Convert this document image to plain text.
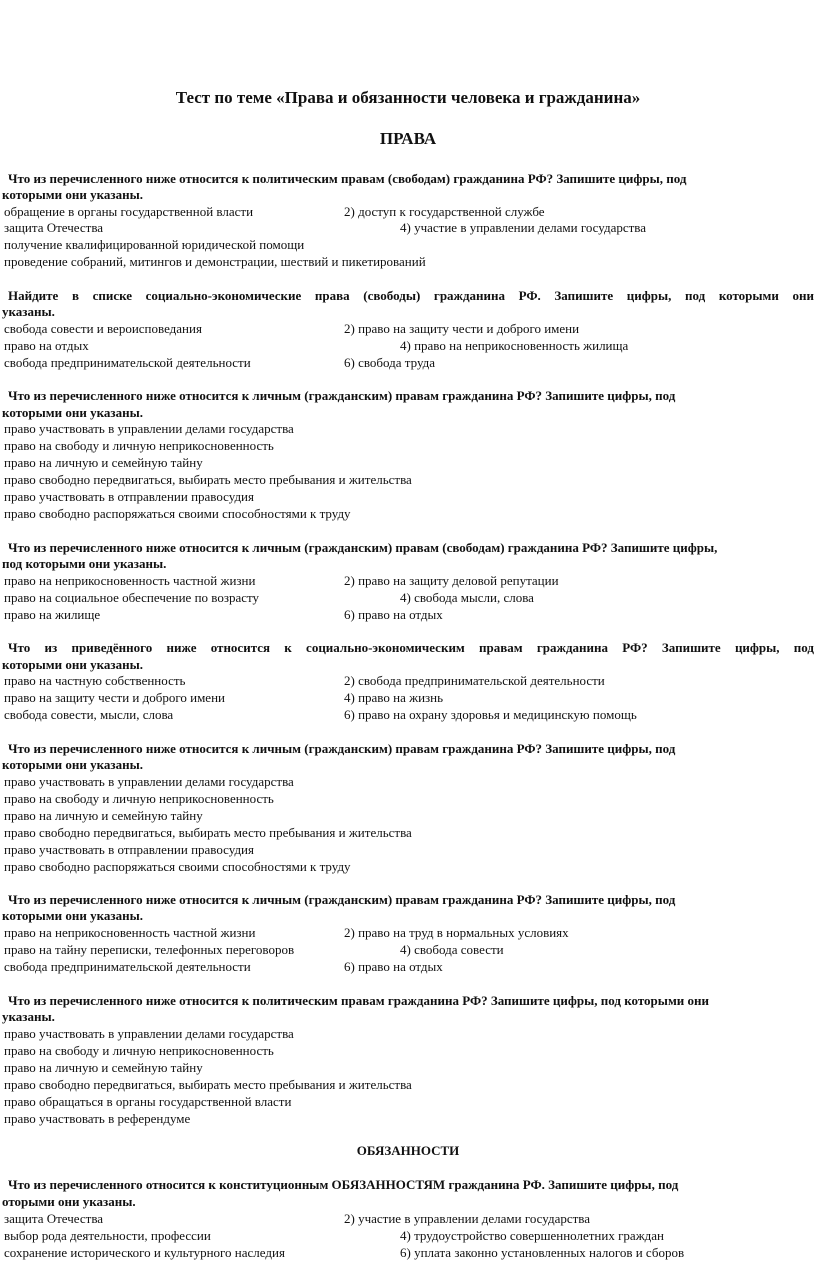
Тест по теме «Права и обязанности человека и гражданина»
ПРАВА
Что из перечисленного ниже относится к политическим правам (свободам) гражданина РФ? Запишите цифры, под
которыми они указаны.
обращение в органы государственной власти	2) доступ к государственной службе
защита Отечества	4) участие в управлении делами государства
получение квалифицированной юридической помощи
проведение собраний, митингов и демонстрации, шествий и пикетирований
Найдите в списке социально-экономические права (свободы) гражданина РФ. Запишите цифры, под которыми они
указаны.
свобода совести и вероисповедания	2) право на защиту чести и доброго имени
право на отдых	4) право на неприкосновенность жилища
свобода предпринимательской деятельности	6) свобода труда
Что из перечисленного ниже относится к личным (гражданским) правам гражданина РФ? Запишите цифры, под
которыми они указаны.
право участвовать в управлении делами государства
право на свободу и личную неприкосновенность
право на личную и семейную тайну
право свободно передвигаться, выбирать место пребывания и жительства
право участвовать в отправлении правосудия
право свободно распоряжаться своими способностями к труду
Что из перечисленного ниже относится к личным (гражданским) правам (свободам) гражданина РФ? Запишите цифры,
под которыми они указаны.
право на неприкосновенность частной жизни	2) право на защиту деловой репутации
право на социальное обеспечение по возрасту	4) свобода мысли, слова
право на жилище	6) право на отдых
Что из приведённого ниже относится к социально-экономическим правам гражданина РФ? Запишите цифры, под
которыми они указаны.
право на частную собственность	2) свобода предпринимательской деятельности
право на защиту чести и доброго имени	4) право на жизнь
свобода совести, мысли, слова	6) право на охрану здоровья и медицинскую помощь
Что из перечисленного ниже относится к личным (гражданским) правам гражданина РФ? Запишите цифры, под
которыми они указаны.
право участвовать в управлении делами государства
право на свободу и личную неприкосновенность
право на личную и семейную тайну
право свободно передвигаться, выбирать место пребывания и жительства
право участвовать в отправлении правосудия
право свободно распоряжаться своими способностями к труду
Что из перечисленного ниже относится к личным (гражданским) правам гражданина РФ? Запишите цифры, под
которыми они указаны.
право на неприкосновенность частной жизни	2) право на труд в нормальных условиях
право на тайну переписки, телефонных переговоров	4) свобода совести
свобода предпринимательской деятельности	6) право на отдых
Что из перечисленного ниже относится к политическим правам гражданина РФ? Запишите цифры, под которыми они
указаны.
право участвовать в управлении делами государства
право на свободу и личную неприкосновенность
право на личную и семейную тайну
право свободно передвигаться, выбирать место пребывания и жительства
право обращаться в органы государственной власти
право участвовать в референдуме
ОБЯЗАННОСТИ
Что из перечисленного относится к конституционным ОБЯЗАННОСТЯМ гражданина РФ. Запишите цифры, под
оторыми они указаны.
защита Отечества	2) участие в управлении делами государства
выбор рода деятельности, профессии	4) трудоустройство совершеннолетних граждан
сохранение исторического и культурного наследия	6) уплата законно установленных налогов и сборов
